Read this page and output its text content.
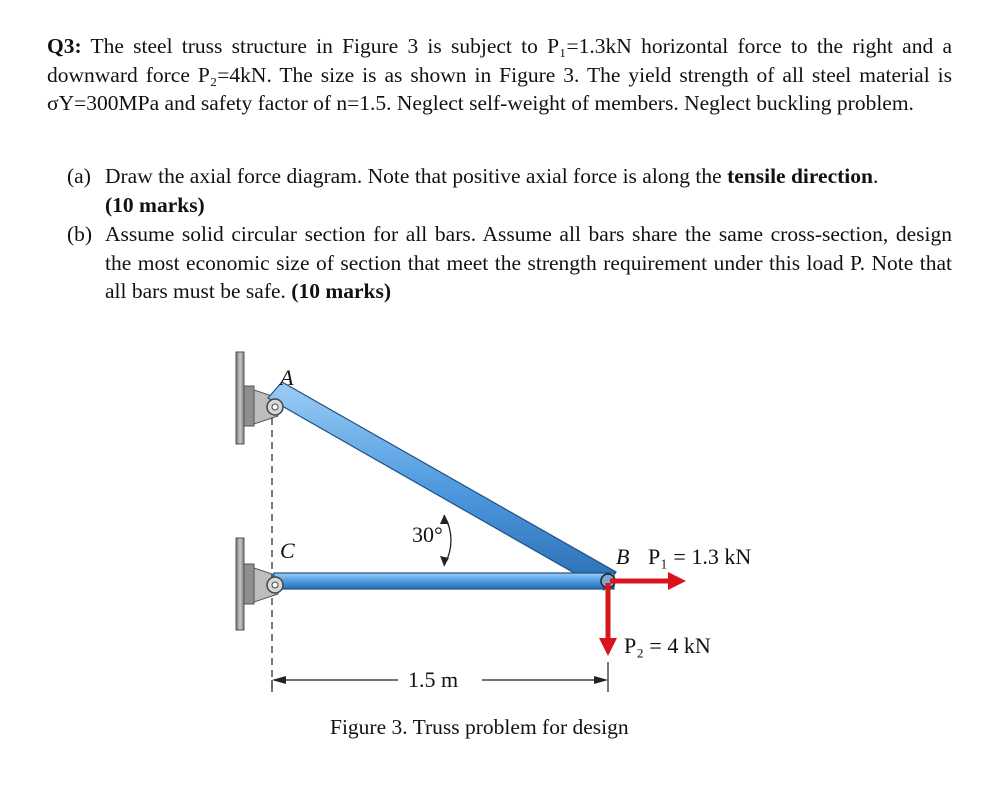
Q3: The steel truss structure in Figure 3 is subject to P₁=1.3kN horizontal force to the right and a downward force P₂=4kN. The size is as shown in Figure 3. The yield strength of all steel material is σY=300MPa and safety factor of n=1.5. Neglect self-weight of members. Neglect buckling problem.
(a) Draw the axial force diagram. Note that positive axial force is along the tensile direction.
(10 marks)
(b) Assume solid circular section for all bars. Assume all bars share the same cross-section, design the most economic size of section that meet the strength requirement under this load P. Note that all bars must be safe. (10 marks)
A
C
30°
B P₁ = 1.3 kN
P₂ = 4 kN
1.5 m
Figure 3. Truss problem for design
